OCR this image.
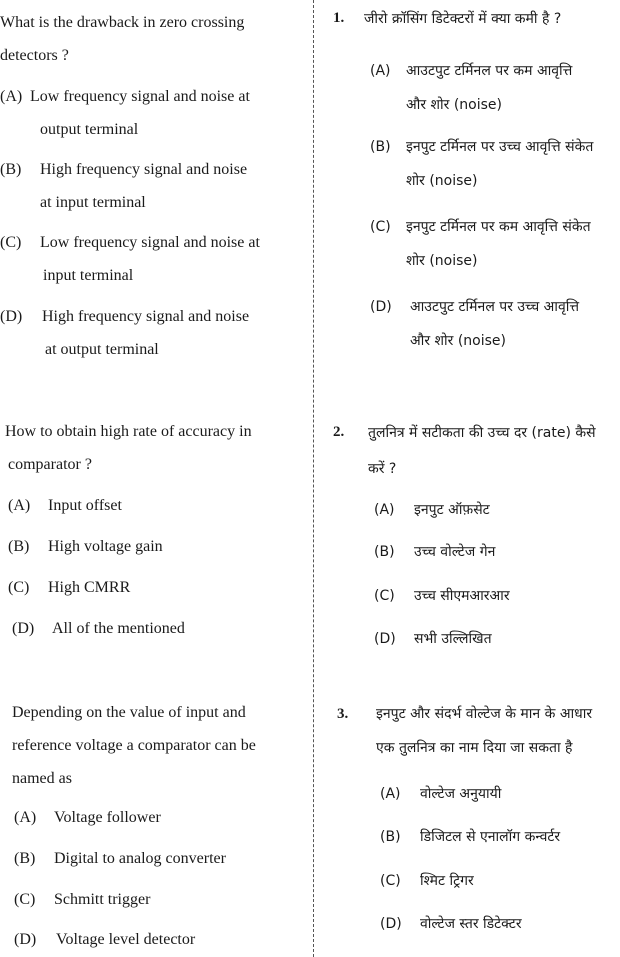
What is the drawback in zero crossing
detectors ?
(A) Low frequency signal and noise at
output terminal
(B) High frequency signal and noise
at input terminal
(C) Low frequency signal and noise at
input terminal
(D) High frequency signal and noise
at output terminal
How to obtain high rate of accuracy in
comparator ?
(A) Input offset
(B) High voltage gain
(C) High CMRR
(D) All of the mentioned
Depending on the value of input and
reference voltage a comparator can be
named as
(A) Voltage follower
(B) Digital to analog converter
(C) Schmitt trigger
(D) Voltage level detector
1. जीरो क्रॉसिंग डिटेक्टरों में क्या कमी है ?
(A) आउटपुट टर्मिनल पर कम आवृत्ति
और शोर (noise)
(B) इनपुट टर्मिनल पर उच्च आवृत्ति संकेत
शोर (noise)
(C) इनपुट टर्मिनल पर कम आवृत्ति संकेत
शोर (noise)
(D) आउटपुट टर्मिनल पर उच्च आवृत्ति
और शोर (noise)
2. तुलनित्र में सटीकता की उच्च दर (rate) कैसे
करें ?
(A) इनपुट ऑफ़सेट
(B) उच्च वोल्टेज गेन
(C) उच्च सीएमआरआर
(D) सभी उल्लिखित
3. इनपुट और संदर्भ वोल्टेज के मान के आधार
एक तुलनित्र का नाम दिया जा सकता है
(A) वोल्टेज अनुयायी
(B) डिजिटल से एनालॉग कन्वर्टर
(C) श्मिट ट्रिगर
(D) वोल्टेज स्तर डिटेक्टर
